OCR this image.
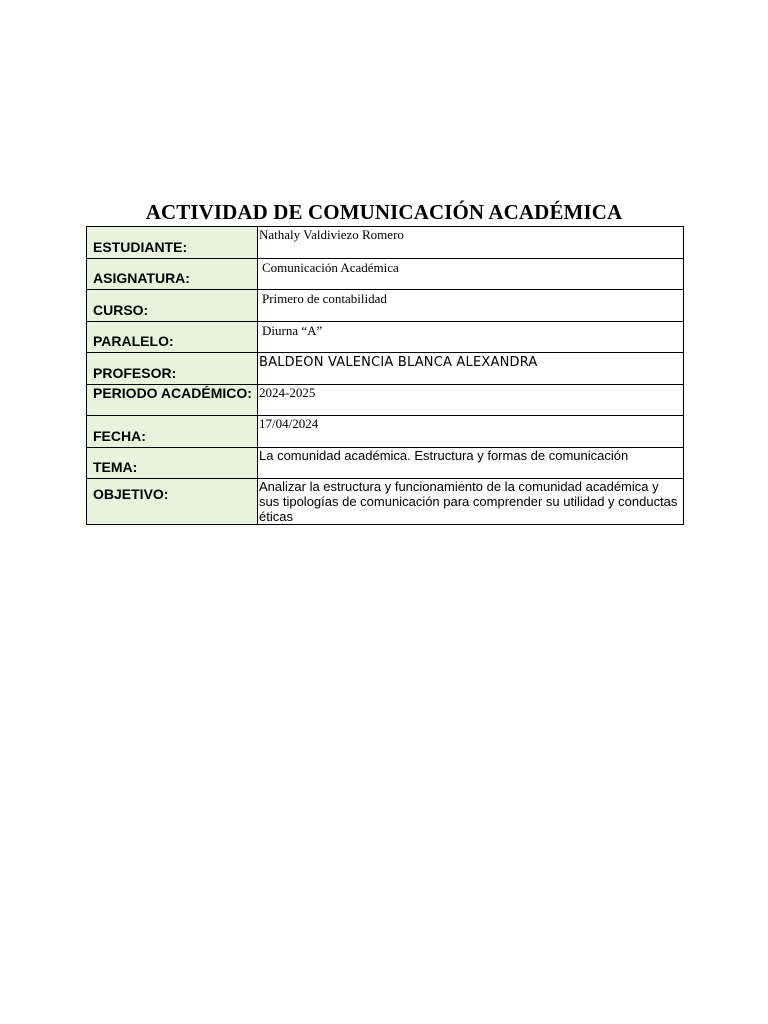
ACTIVIDAD DE COMUNICACIÓN ACADÉMICA
ESTUDIANTE:	Nathaly Valdiviezo Romero
ASIGNATURA:	Comunicación Académica
CURSO:	Primero de contabilidad
PARALELO:	Diurna “A”
PROFESOR:	BALDEON VALENCIA BLANCA ALEXANDRA
PERIODO ACADÉMICO:	2024-2025
FECHA:	17/04/2024
TEMA:	La comunidad académica. Estructura y formas de comunicación
OBJETIVO:	Analizar la estructura y funcionamiento de la comunidad académica y sus tipologías de comunicación para comprender su utilidad y conductas éticas
